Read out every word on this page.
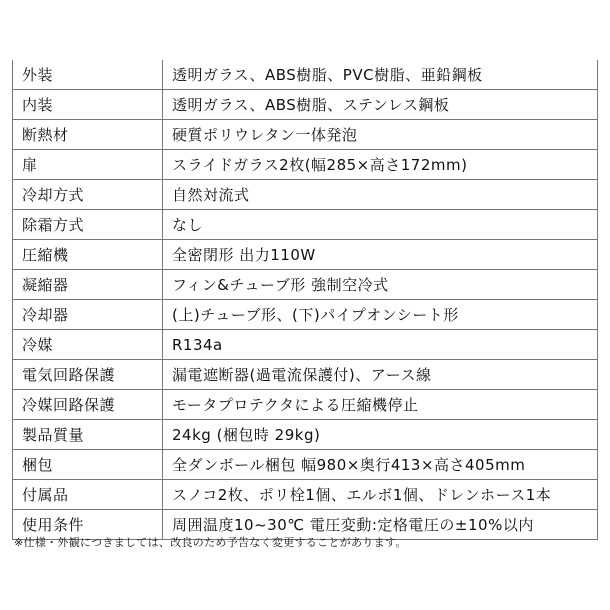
外装	透明ガラス、ABS樹脂、PVC樹脂、亜鉛鋼板
内装	透明ガラス、ABS樹脂、ステンレス鋼板
断熱材	硬質ポリウレタン一体発泡
扉	スライドガラス2枚(幅285×高さ172mm)
冷却方式	自然対流式
除霜方式	なし
圧縮機	全密閉形 出力110W
凝縮器	フィン&チューブ形 強制空冷式
冷却器	(上)チューブ形、(下)パイプオンシート形
冷媒	R134a
電気回路保護	漏電遮断器(過電流保護付)、アース線
冷媒回路保護	モータプロテクタによる圧縮機停止
製品質量	24kg (梱包時 29kg)
梱包	全ダンボール梱包 幅980×奥行413×高さ405mm
付属品	スノコ2枚、ポリ栓1個、エルボ1個、ドレンホース1本
使用条件	周囲温度10~30℃ 電圧変動:定格電圧の±10%以内
※仕様・外観につきましては、改良のため予告なく変更することがあります。
